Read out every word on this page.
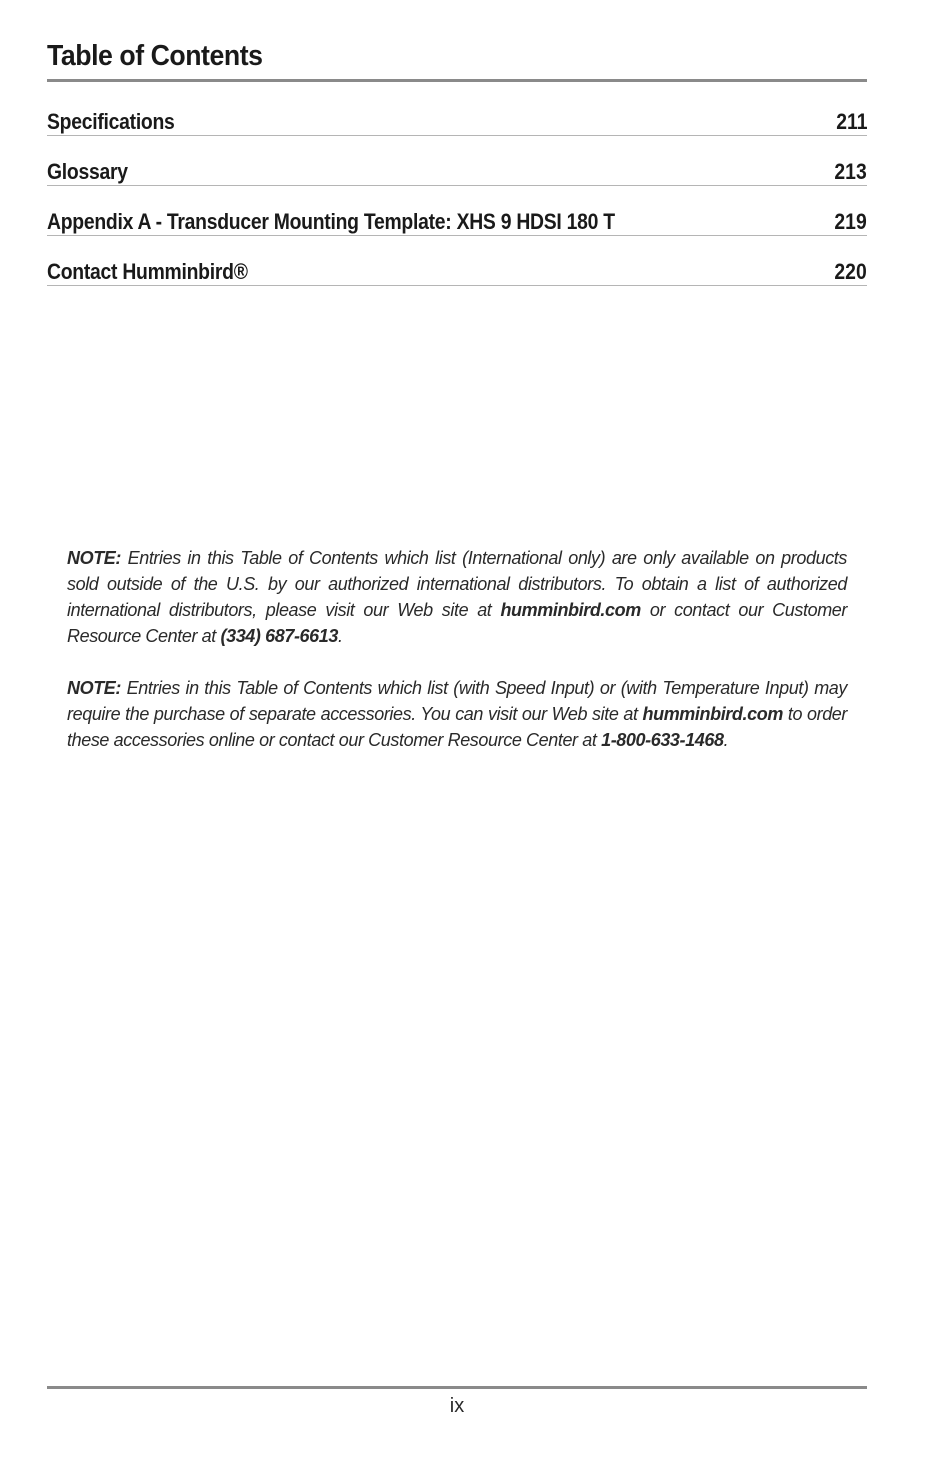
Table of Contents
Specifications	211
Glossary	213
Appendix A - Transducer Mounting Template: XHS 9 HDSI 180 T	219
Contact Humminbird®	220

NOTE: Entries in this Table of Contents which list (International only) are only available on products sold outside of the U.S. by our authorized international distributors. To obtain a list of authorized international distributors, please visit our Web site at humminbird.com or contact our Customer Resource Center at (334) 687-6613.

NOTE: Entries in this Table of Contents which list (with Speed Input) or (with Temperature Input) may require the purchase of separate accessories. You can visit our Web site at humminbird.com to order these accessories online or contact our Customer Resource Center at 1-800-633-1468.

ix
